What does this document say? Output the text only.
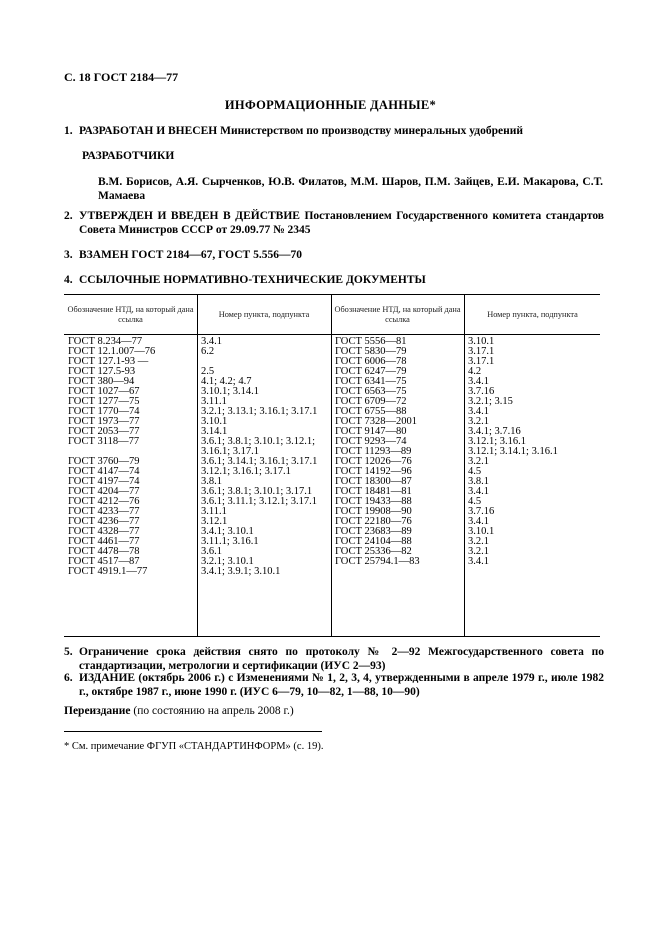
С. 18 ГОСТ 2184—77
ИНФОРМАЦИОННЫЕ ДАННЫЕ*
1. РАЗРАБОТАН И ВНЕСЕН Министерством по производству минеральных удобрений
РАЗРАБОТЧИКИ
В.М. Борисов, А.Я. Сырченков, Ю.В. Филатов, М.М. Шаров, П.М. Зайцев, Е.И. Макарова, С.Т. Мамаева
2. УТВЕРЖДЕН И ВВЕДЕН В ДЕЙСТВИЕ Постановлением Государственного комитета стандартов Совета Министров СССР от 29.09.77 № 2345
3. ВЗАМЕН ГОСТ 2184—67, ГОСТ 5.556—70
4. ССЫЛОЧНЫЕ НОРМАТИВНО-ТЕХНИЧЕСКИЕ ДОКУМЕНТЫ
Обозначение НТД, на который дана ссылка
Номер пункта, подпункта
Обозначение НТД, на который дана ссылка
Номер пункта, подпункта
ГОСТ 8.234—77
ГОСТ 12.1.007—76
ГОСТ 127.1-93 —
ГОСТ 127.5-93
ГОСТ 380—94
ГОСТ 1027—67
ГОСТ 1277—75
ГОСТ 1770—74
ГОСТ 1973—77
ГОСТ 2053—77
ГОСТ 3118—77

ГОСТ 3760—79
ГОСТ 4147—74
ГОСТ 4197—74
ГОСТ 4204—77
ГОСТ 4212—76
ГОСТ 4233—77
ГОСТ 4236—77
ГОСТ 4328—77
ГОСТ 4461—77
ГОСТ 4478—78
ГОСТ 4517—87
ГОСТ 4919.1—77
3.4.1
6.2

2.5
4.1; 4.2; 4.7
3.10.1; 3.14.1
3.11.1
3.2.1; 3.13.1; 3.16.1; 3.17.1
3.10.1
3.14.1
3.6.1; 3.8.1; 3.10.1; 3.12.1;
3.16.1; 3.17.1
3.6.1; 3.14.1; 3.16.1; 3.17.1
3.12.1; 3.16.1; 3.17.1
3.8.1
3.6.1; 3.8.1; 3.10.1; 3.17.1
3.6.1; 3.11.1; 3.12.1; 3.17.1
3.11.1
3.12.1
3.4.1; 3.10.1
3.11.1; 3.16.1
3.6.1
3.2.1; 3.10.1
3.4.1; 3.9.1; 3.10.1
ГОСТ 5556—81
ГОСТ 5830—79
ГОСТ 6006—78
ГОСТ 6247—79
ГОСТ 6341—75
ГОСТ 6563—75
ГОСТ 6709—72
ГОСТ 6755—88
ГОСТ 7328—2001
ГОСТ 9147—80
ГОСТ 9293—74
ГОСТ 11293—89
ГОСТ 12026—76
ГОСТ 14192—96
ГОСТ 18300—87
ГОСТ 18481—81
ГОСТ 19433—88
ГОСТ 19908—90
ГОСТ 22180—76
ГОСТ 23683—89
ГОСТ 24104—88
ГОСТ 25336—82
ГОСТ 25794.1—83
3.10.1
3.17.1
3.17.1
4.2
3.4.1
3.7.16
3.2.1; 3.15
3.4.1
3.2.1
3.4.1; 3.7.16
3.12.1; 3.16.1
3.12.1; 3.14.1; 3.16.1
3.2.1
4.5
3.8.1
3.4.1
4.5
3.7.16
3.4.1
3.10.1
3.2.1
3.2.1
3.4.1
5. Ограничение срока действия снято по протоколу № 2—92 Межгосударственного совета по стандартизации, метрологии и сертификации (ИУС 2—93)
6. ИЗДАНИЕ (октябрь 2006 г.) с Изменениями № 1, 2, 3, 4, утвержденными в апреле 1979 г., июле 1982 г., октябре 1987 г., июне 1990 г. (ИУС 6—79, 10—82, 1—88, 10—90)
Переиздание (по состоянию на апрель 2008 г.)
* См. примечание ФГУП «СТАНДАРТИНФОРМ» (с. 19).
